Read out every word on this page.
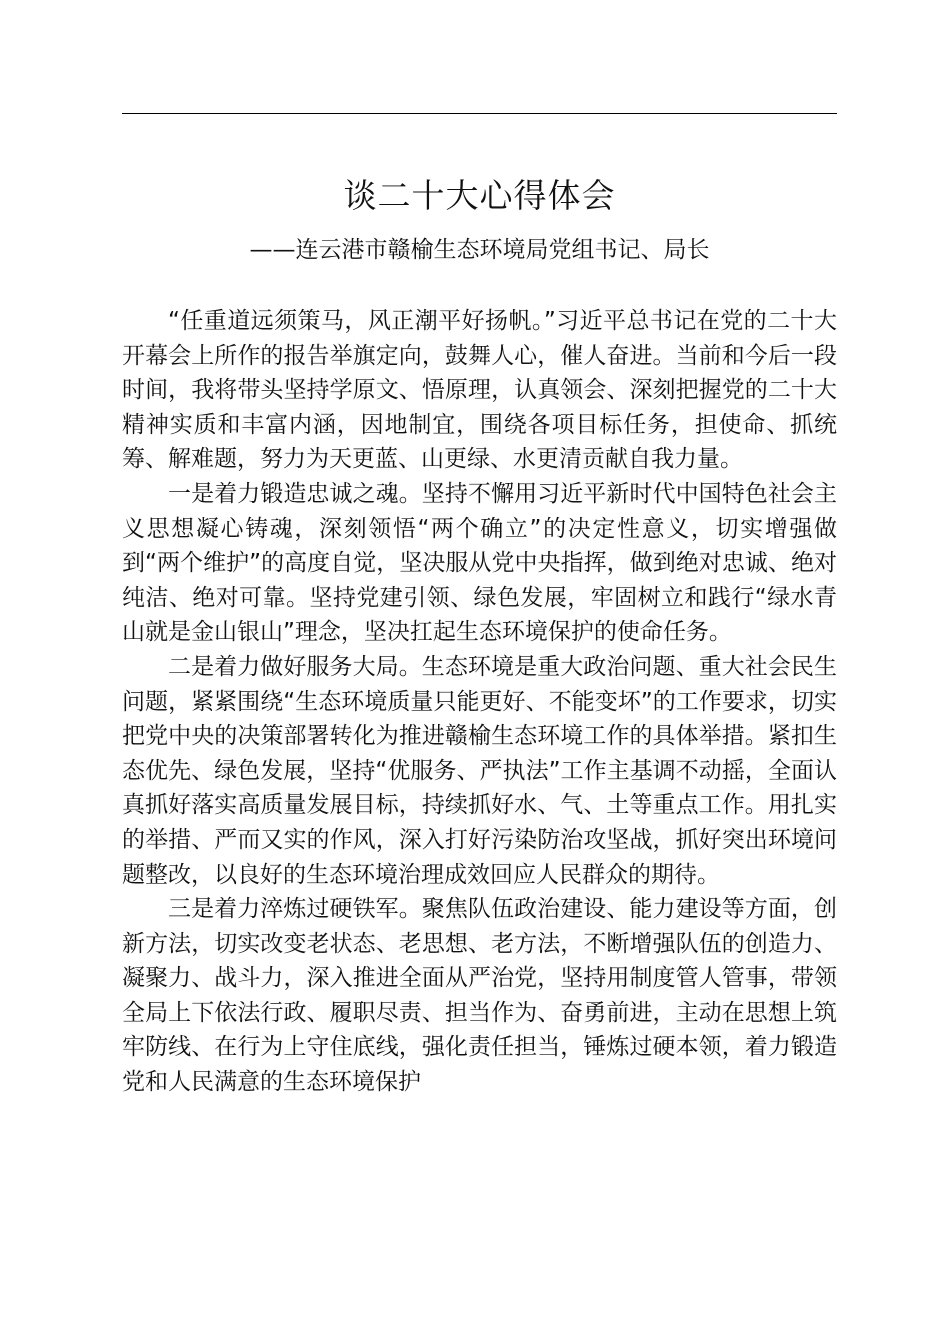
谈二十大心得体会
——连云港市赣榆生态环境局党组书记、局长

“任重道远须策马，风正潮平好扬帆。”习近平总书记在党的二十大开幕会上所作的报告举旗定向，鼓舞人心，催人奋进。当前和今后一段时间，我将带头坚持学原文、悟原理，认真领会、深刻把握党的二十大精神实质和丰富内涵，因地制宜，围绕各项目标任务，担使命、抓统筹、解难题，努力为天更蓝、山更绿、水更清贡献自我力量。

一是着力锻造忠诚之魂。坚持不懈用习近平新时代中国特色社会主义思想凝心铸魂，深刻领悟“两个确立”的决定性意义，切实增强做到“两个维护”的高度自觉，坚决服从党中央指挥，做到绝对忠诚、绝对纯洁、绝对可靠。坚持党建引领、绿色发展，牢固树立和践行“绿水青山就是金山银山”理念，坚决扛起生态环境保护的使命任务。

二是着力做好服务大局。生态环境是重大政治问题、重大社会民生问题，紧紧围绕“生态环境质量只能更好、不能变坏”的工作要求，切实把党中央的决策部署转化为推进赣榆生态环境工作的具体举措。紧扣生态优先、绿色发展，坚持“优服务、严执法”工作主基调不动摇，全面认真抓好落实高质量发展目标，持续抓好水、气、土等重点工作。用扎实的举措、严而又实的作风，深入打好污染防治攻坚战，抓好突出环境问题整改，以良好的生态环境治理成效回应人民群众的期待。

三是着力淬炼过硬铁军。聚焦队伍政治建设、能力建设等方面，创新方法，切实改变老状态、老思想、老方法，不断增强队伍的创造力、凝聚力、战斗力，深入推进全面从严治党，坚持用制度管人管事，带领全局上下依法行政、履职尽责、担当作为、奋勇前进，主动在思想上筑牢防线、在行为上守住底线，强化责任担当，锤炼过硬本领，着力锻造党和人民满意的生态环境保护
